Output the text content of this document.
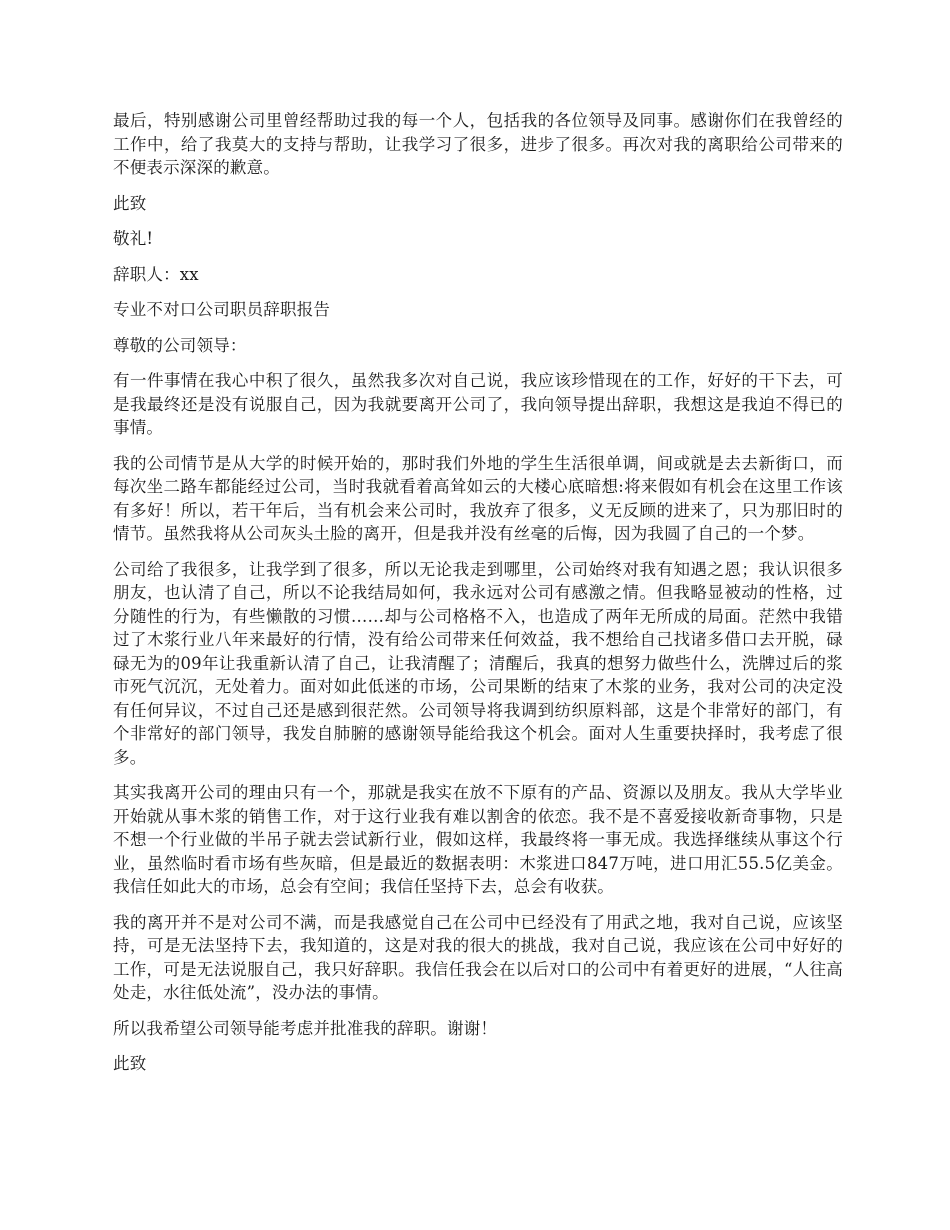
最后，特别感谢公司里曾经帮助过我的每一个人，包括我的各位领导及同事。感谢你们在我曾经的工作中，给了我莫大的支持与帮助，让我学习了很多，进步了很多。再次对我的离职给公司带来的不便表示深深的歉意。

此致

敬礼!

辞职人：xx

专业不对口公司职员辞职报告

尊敬的公司领导：

有一件事情在我心中积了很久，虽然我多次对自己说，我应该珍惜现在的工作，好好的干下去，可是我最终还是没有说服自己，因为我就要离开公司了，我向领导提出辞职，我想这是我迫不得已的事情。

我的公司情节是从大学的时候开始的，那时我们外地的学生生活很单调，间或就是去去新街口，而每次坐二路车都能经过公司，当时我就看着高耸如云的大楼心底暗想:将来假如有机会在这里工作该有多好！所以，若干年后，当有机会来公司时，我放弃了很多，义无反顾的进来了，只为那旧时的情节。虽然我将从公司灰头土脸的离开，但是我并没有丝毫的后悔，因为我圆了自己的一个梦。

公司给了我很多，让我学到了很多，所以无论我走到哪里，公司始终对我有知遇之恩；我认识很多朋友，也认清了自己，所以不论我结局如何，我永远对公司有感激之情。但我略显被动的性格，过分随性的行为，有些懒散的习惯……却与公司格格不入，也造成了两年无所成的局面。茫然中我错过了木浆行业八年来最好的行情，没有给公司带来任何效益，我不想给自己找诸多借口去开脱，碌碌无为的09年让我重新认清了自己，让我清醒了；清醒后，我真的想努力做些什么，洗牌过后的浆市死气沉沉，无处着力。面对如此低迷的市场，公司果断的结束了木浆的业务，我对公司的决定没有任何异议，不过自己还是感到很茫然。公司领导将我调到纺织原料部，这是个非常好的部门，有个非常好的部门领导，我发自肺腑的感谢领导能给我这个机会。面对人生重要抉择时，我考虑了很多。

其实我离开公司的理由只有一个，那就是我实在放不下原有的产品、资源以及朋友。我从大学毕业开始就从事木浆的销售工作，对于这行业我有难以割舍的依恋。我不是不喜爱接收新奇事物，只是不想一个行业做的半吊子就去尝试新行业，假如这样，我最终将一事无成。我选择继续从事这个行业，虽然临时看市场有些灰暗，但是最近的数据表明：木浆进口847万吨，进口用汇55.5亿美金。我信任如此大的市场，总会有空间；我信任坚持下去，总会有收获。

我的离开并不是对公司不满，而是我感觉自己在公司中已经没有了用武之地，我对自己说，应该坚持，可是无法坚持下去，我知道的，这是对我的很大的挑战，我对自己说，我应该在公司中好好的工作，可是无法说服自己，我只好辞职。我信任我会在以后对口的公司中有着更好的进展，“人往高处走，水往低处流”，没办法的事情。

所以我希望公司领导能考虑并批准我的辞职。谢谢！

此致
